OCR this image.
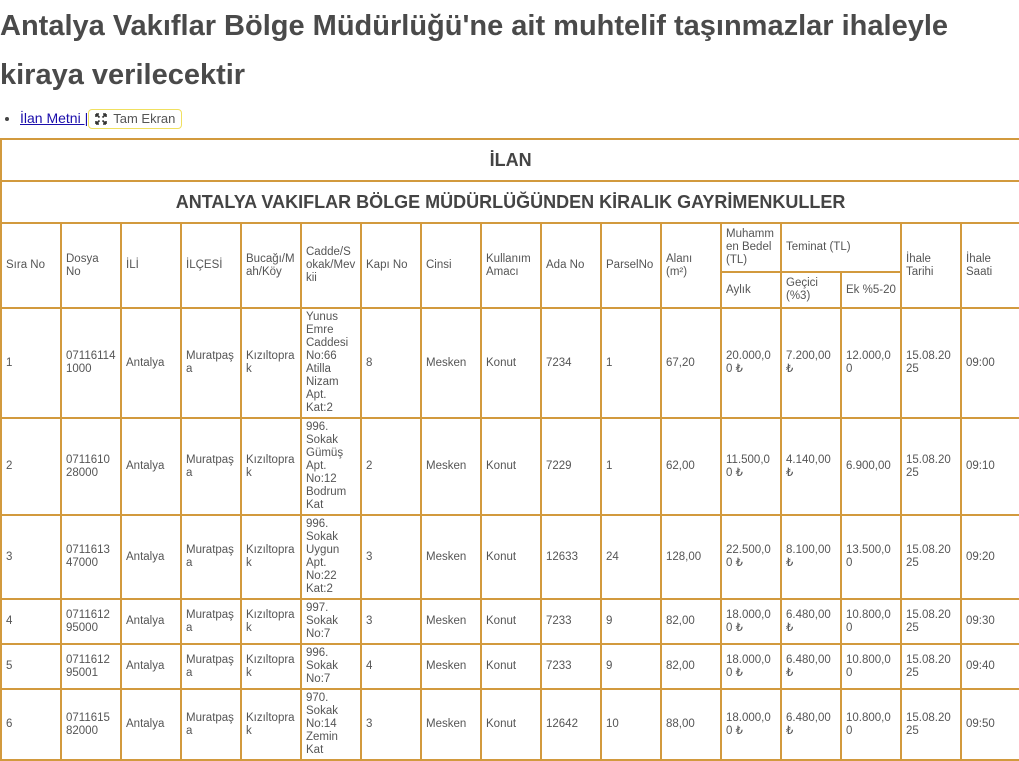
Antalya Vakıflar Bölge Müdürlüğü'ne ait muhtelif taşınmazlar ihaleyle kiraya verilecektir
• İlan Metni | Tam Ekran
İLAN																
ANTALYA VAKIFLAR BÖLGE MÜDÜRLÜĞÜNDEN KİRALIK GAYRİMENKULLER																
Sıra No	Dosya No	İLİ	İLÇESİ	Bucağı/Mah/Köy	Cadde/Sokak/Mevkii	Kapı No	Cinsi	Kullanım Amacı	Ada No	ParselNo	Alanı (m²)	Muhammen Bedel (TL)	Teminat (TL)		İhale Tarihi	İhale Saati
												Aylık	Geçici (%3)	Ek %5-20		
1	071161141000	Antalya	Muratpaşa	Kızıltoprak	Yunus Emre Caddesi No:66 Atilla Nizam Apt. Kat:2	8	Mesken	Konut	7234	1	67,20	20.000,00 ₺	7.200,00 ₺	12.000,00	15.08.2025	09:00
2	071161028000	Antalya	Muratpaşa	Kızıltoprak	996. Sokak Gümüş Apt. No:12 Bodrum Kat	2	Mesken	Konut	7229	1	62,00	11.500,00 ₺	4.140,00 ₺	6.900,00	15.08.2025	09:10
3	071161347000	Antalya	Muratpaşa	Kızıltoprak	996. Sokak Uygun Apt. No:22 Kat:2	3	Mesken	Konut	12633	24	128,00	22.500,00 ₺	8.100,00 ₺	13.500,00	15.08.2025	09:20
4	071161295000	Antalya	Muratpaşa	Kızıltoprak	997. Sokak No:7	3	Mesken	Konut	7233	9	82,00	18.000,00 ₺	6.480,00 ₺	10.800,00	15.08.2025	09:30
5	071161295001	Antalya	Muratpaşa	Kızıltoprak	996. Sokak No:7	4	Mesken	Konut	7233	9	82,00	18.000,00 ₺	6.480,00 ₺	10.800,00	15.08.2025	09:40
6	071161582000	Antalya	Muratpaşa	Kızıltoprak	970. Sokak No:14 Zemin Kat	3	Mesken	Konut	12642	10	88,00	18.000,00 ₺	6.480,00 ₺	10.800,00	15.08.2025	09:50
